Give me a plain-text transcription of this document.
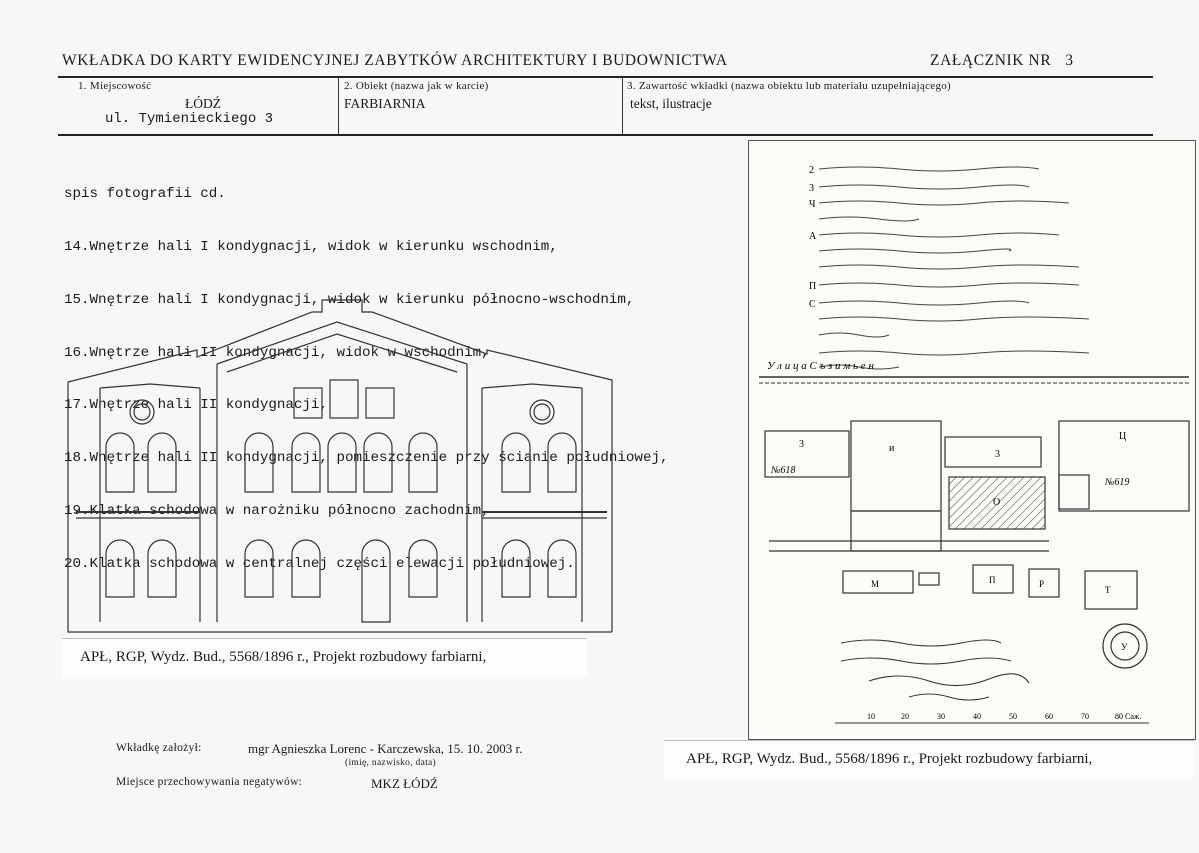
WKŁADKA DO KARTY EWIDENCYJNEJ ZABYTKÓW ARCHITEKTURY I BUDOWNICTWA	ZAŁĄCZNIK NR 3
1. Miejscowość
ŁÓDŹ
ul. Tymienieckiego 3
2. Obiekt (nazwa jak w karcie)
FARBIARNIA
3. Zawartość wkładki (nazwa obiektu lub materiału uzupełniającego)
tekst, ilustracje

spis fotografii cd.

14.Wnętrze hali I kondygnacji, widok w kierunku wschodnim,

15.Wnętrze hali I kondygnacji, widok w kierunku północno-wschodnim,

16.Wnętrze hali II kondygnacji, widok w wschodnim,

17.Wnętrze hali II kondygnacji,

18.Wnętrze hali II kondygnacji, pomieszczenie przy ścianie południowej,

19.Klatka schodowa w narożniku północno zachodnim,

20.Klatka schodowa w centralnej części elewacji południowej.

APŁ, RGP, Wydz. Bud., 5568/1896 r., Projekt rozbudowy farbiarni,
2
3
Ч
А
П
С
У л и ц а С ъ з и м ь е н
№618
№619
3	и
3
О
Ц
М	П	Р
Т
У
10	20	30	40	50	60	70	80 Саж.
APŁ, RGP, Wydz. Bud., 5568/1896 r., Projekt rozbudowy farbiarni,
Wkładkę założył:	mgr Agnieszka Lorenc - Karczewska, 15. 10. 2003 r.
(imię, nazwisko, data)
Miejsce przechowywania negatywów:	MKZ ŁÓDŹ
